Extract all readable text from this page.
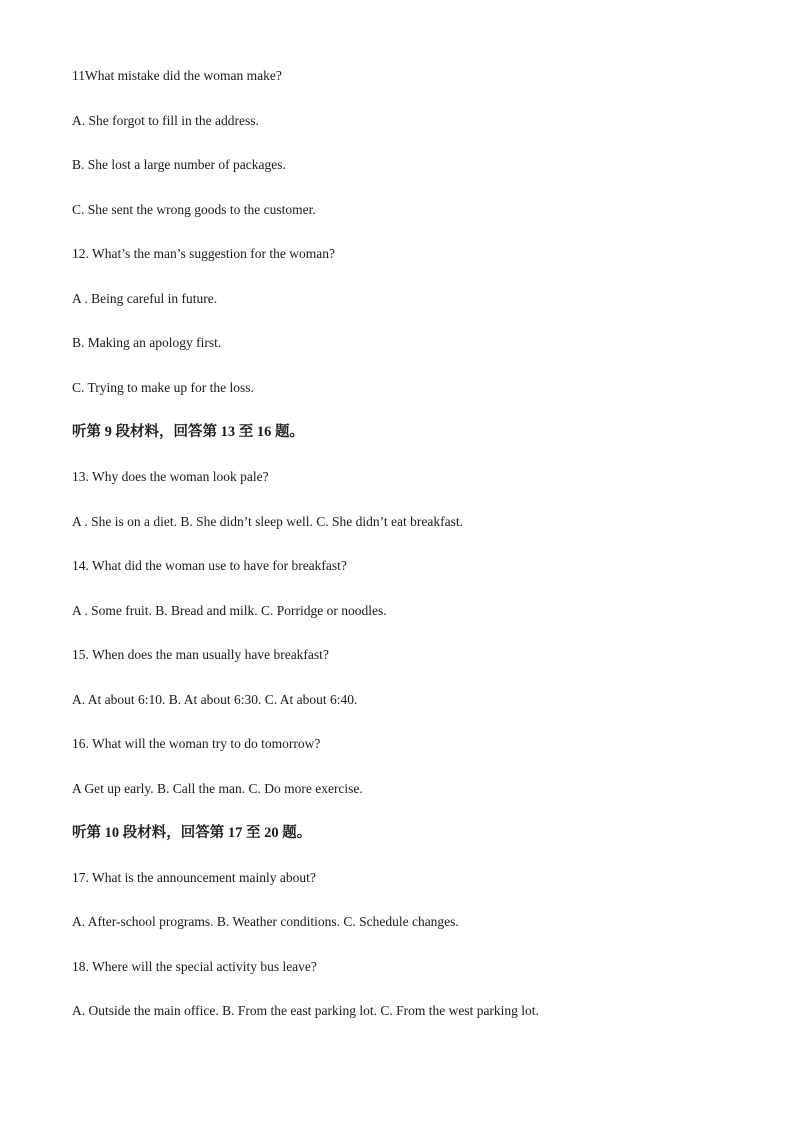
11What mistake did the woman make?
A. She forgot to fill in the address.
B. She lost a large number of packages.
C. She sent the wrong goods to the customer.
12. What’s the man’s suggestion for the woman?
A . Being careful in future.
B. Making an apology first.
C. Trying to make up for the loss.
听第 9 段材料，回答第 13 至 16 题。
13. Why does the woman look pale?
A . She is on a diet. B. She didn’t sleep well. C. She didn’t eat breakfast.
14. What did the woman use to have for breakfast?
A . Some fruit. B. Bread and milk. C. Porridge or noodles.
15. When does the man usually have breakfast?
A. At about 6:10. B. At about 6:30. C. At about 6:40.
16. What will the woman try to do tomorrow?
A Get up early. B. Call the man. C. Do more exercise.
听第 10 段材料，回答第 17 至 20 题。
17. What is the announcement mainly about?
A. After-school programs. B. Weather conditions. C. Schedule changes.
18. Where will the special activity bus leave?
A. Outside the main office. B. From the east parking lot. C. From the west parking lot.
